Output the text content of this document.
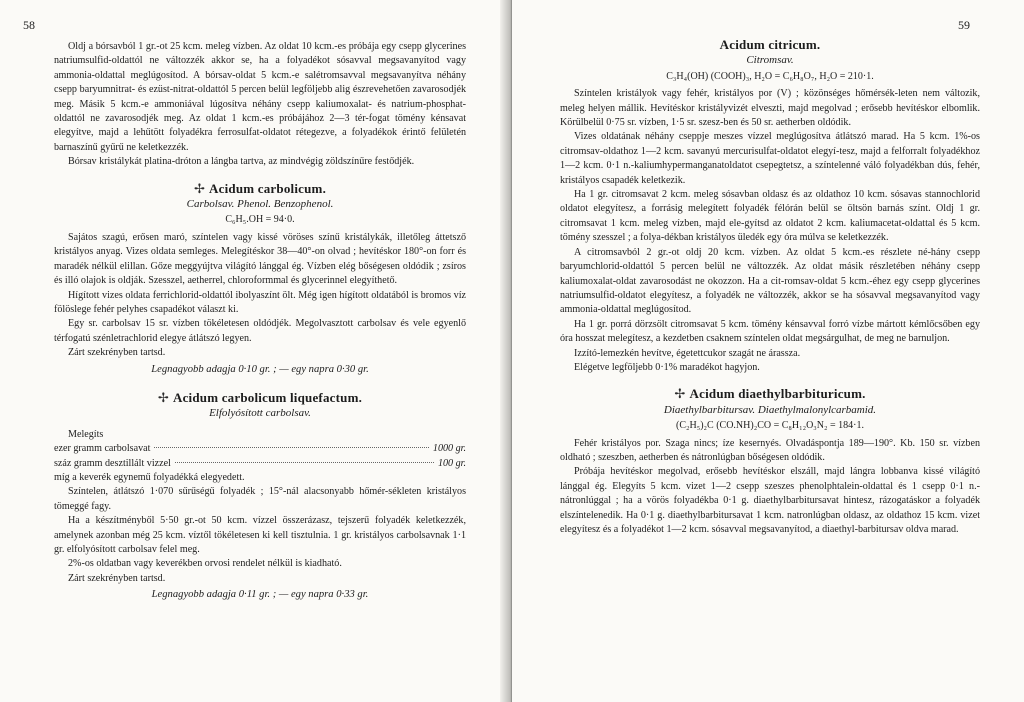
58

Oldj a bórsavból 1 gr.-ot 25 kcm. meleg vízben. Az oldat 10 kcm.-es próbája egy csepp glycerines natriumsulfid-oldattól ne változzék akkor se, ha a folyadékot sósavval megsavanyítod vagy ammonia-oldattal meglúgosítod. A bórsav-oldat 5 kcm.-e salétromsavval megsavanyítva néhány csepp baryumnitrat- és ezüst-nitrat-oldattól 5 percen belül legföljebb alig észrevehetően zavarosodjék meg. Másik 5 kcm.-e ammoniával lúgosítva néhány csepp kaliumoxalat- és natrium-phosphat-oldattól ne zavarosodjék meg. Az oldat 1 kcm.-es próbájához 2—3 tér-fogat tömény kénsavat elegyítve, majd a lehűtött folyadékra ferrosulfat-oldatot rétegezve, a folyadékok érintő felületén barnaszínű gyűrű ne keletkezzék.

Bórsav kristálykát platina-dróton a lángba tartva, az mindvégig zöldszínűre festődjék.

✢ Acidum carbolicum.
Carbolsav. Phenol. Benzophenol.
C₆H₅.OH = 94·0.

Sajátos szagú, erősen maró, színtelen vagy kissé vöröses színű kristálykák, illetőleg áttetsző kristályos anyag. Vizes oldata semleges. Melegítéskor 38—40°-on olvad ; hevítéskor 180°-on forr és maradék nélkül elillan. Gőze meggyújtva világító lánggal ég. Vízben elég bőségesen oldódik ; zsíros és illó olajok is oldják. Szesszel, aetherrel, chloroformmal és glycerinnel elegyíthető.

Hígított vizes oldata ferrichlorid-oldattól ibolyaszínt ölt. Még igen hígított oldatából is bromos víz fölöslege fehér pelyhes csapadékot választ ki.

Egy sr. carbolsav 15 sr. vízben tökéletesen oldódjék. Megolvasztott carbolsav és vele egyenlő térfogatú szénletrachlorid elegye átlátszó legyen.

Zárt szekrényben tartsd.

Legnagyobb adagja 0·10 gr. ; — egy napra 0·30 gr.
✢ Acidum carbolicum liquefactum.
Elfolyósított carbolsav.

Melegíts

ezer gramm carbolsavat	1000 gr.
száz gramm desztillált vizzel	100 gr.

míg a keverék egynemű folyadékká elegyedett.

Színtelen, átlátszó 1·070 sűrűségű folyadék ; 15°-nál alacsonyabb hőmér-sékleten kristályos tömeggé fagy.

Ha a készítményből 5·50 gr.-ot 50 kcm. vízzel összerázasz, tejszerű folyadék keletkezzék, amelynek azonban még 25 kcm. víztől tökéletesen ki kell tisztulnia. 1 gr. kristályos carbolsavnak 1·1 gr. elfolyósított carbolsav felel meg.

2%-os oldatban vagy keverékben orvosi rendelet nélkül is kiadható.

Zárt szekrényben tartsd.

Legnagyobb adagja 0·11 gr. ; — egy napra 0·33 gr.
59
Acidum citricum.
Citromsav.
C₃H₄(OH) (COOH)₃, H₂O = C₆H₈O₇, H₂O = 210·1.

Színtelen kristályok vagy fehér, kristályos por (V) ; közönséges hőmérsék-leten nem változik, meleg helyen mállik. Hevítéskor kristályvizét elveszti, majd megolvad ; erősebb hevítéskor elbomlik. Körülbelül 0·75 sr. vízben, 1·5 sr. szesz-ben és 50 sr. aetherben oldódik.

Vizes oldatának néhány cseppje meszes vízzel meglúgosítva átlátszó marad. Ha 5 kcm. 1%-os citromsav-oldathoz 1—2 kcm. savanyú mercurisulfat-oldatot elegyí-tesz, majd a felforralt folyadékhoz 1—2 kcm. 0·1 n.-kaliumhypermanganatoldatot csepegtetsz, a színtelenné váló folyadékban dús, fehér, kristályos csapadék keletkezik.

Ha 1 gr. citromsavat 2 kcm. meleg sósavban oldasz és az oldathoz 10 kcm. sósavas stannochlorid oldatot elegyítesz, a forrásig melegített folyadék félórán belül se öltsön barnás színt. Oldj 1 gr. citromsavat 1 kcm. meleg vízben, majd ele-gyítsd az oldatot 2 kcm. kaliumacetat-oldattal és 5 kcm. tömény szesszel ; a folya-dékban kristályos üledék egy óra múlva se keletkezzék.

A citromsavból 2 gr.-ot oldj 20 kcm. vízben. Az oldat 5 kcm.-es részlete né-hány csepp baryumchlorid-oldattól 5 percen belül ne változzék. Az oldat másik részletében néhány csepp kaliumoxalat-oldat zavarosodást ne okozzon. Ha a cit-romsav-oldat 5 kcm.-éhez egy csepp glycerines natriumsulfid-oldatot elegyítesz, a folyadék ne változzék, akkor se ha sósavval megsavanyítod vagy ammonia-oldattal meglúgosítod.

Ha 1 gr. porrá dörzsölt citromsavat 5 kcm. tömény kénsavval forró vízbe mártott kémlőcsőben egy óra hosszat melegítesz, a kezdetben csaknem színtelen oldat megsárgulhat, de meg ne barnuljon.

Izzító-lemezkén hevítve, égetettcukor szagát ne árassza.

Elégetve legföljebb 0·1% maradékot hagyjon.

✢ Acidum diaethylbarbituricum.
Diaethylbarbitursav. Diaethylmalonylcarbamid.
(C₂H₅)₂C (CO.NH)₂CO = C₈H₁₂O₃N₂ = 184·1.

Fehér kristályos por. Szaga nincs; íze kesernyés. Olvadáspontja 189—190°. Kb. 150 sr. vízben oldható ; szeszben, aetherben és nátronlúgban bőségesen oldódik.

Próbája hevítéskor megolvad, erősebb hevítéskor elszáll, majd lángra lobbanva kissé világító lánggal ég. Elegyíts 5 kcm. vizet 1—2 csepp szeszes phenolphtalein-oldattal és 1 csepp 0·1 n.-nátronlúggal ; ha a vörös folyadékba 0·1 g. diaethylbarbitursavat hintesz, rázogatáskor a folyadék elszíntelenedik. Ha 0·1 g. diaethylbarbitursavat 1 kcm. natronlúgban oldasz, az oldathoz 15 kcm. vizet elegyítesz és a folyadékot 1—2 kcm. sósavval megsavanyítod, a diaethyl-barbitursav oldva marad.
